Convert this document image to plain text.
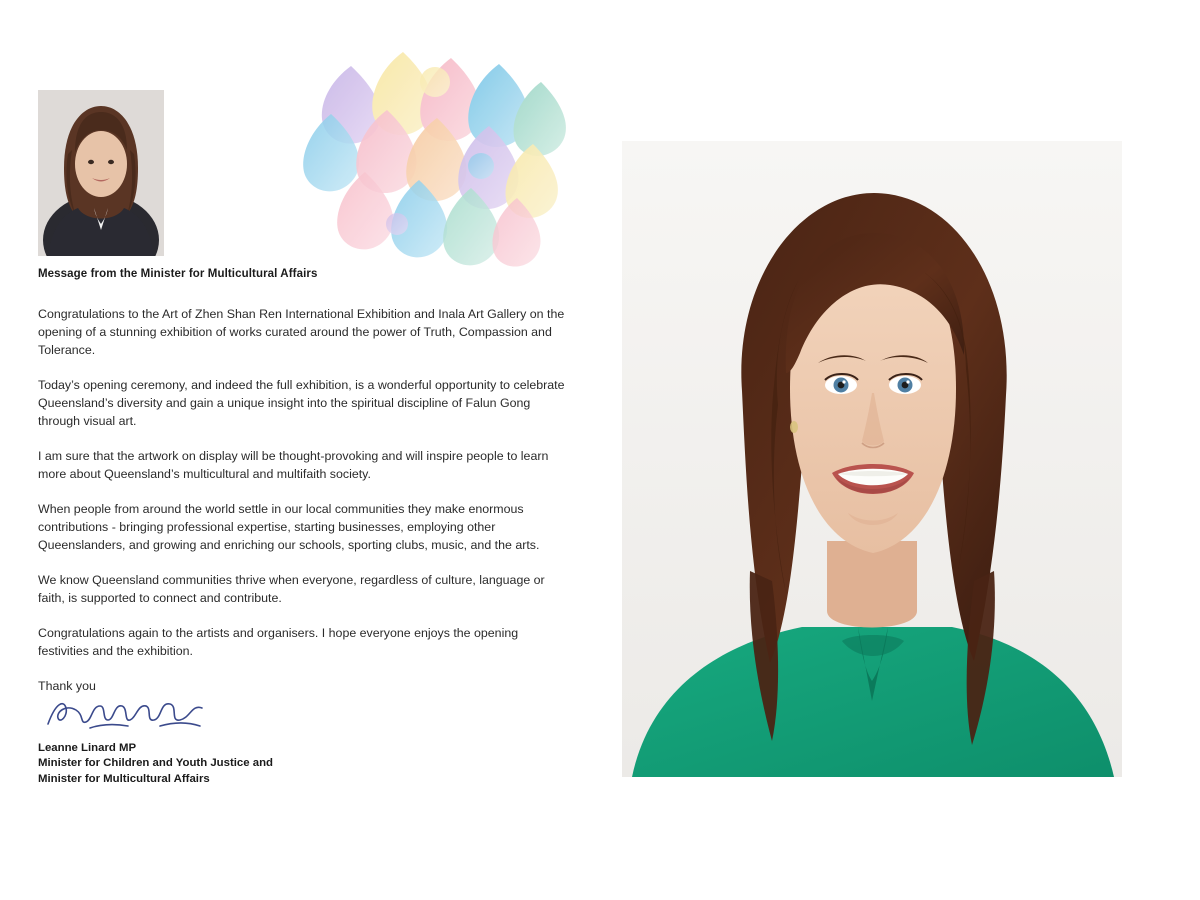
Message from the Minister for Multicultural Affairs

Congratulations to the Art of Zhen Shan Ren International Exhibition and Inala Art Gallery on the opening of a stunning exhibition of works curated around the power of Truth, Compassion and Tolerance.

Today’s opening ceremony, and indeed the full exhibition, is a wonderful opportunity to celebrate Queensland’s diversity and gain a unique insight into the spiritual discipline of Falun Gong through visual art.

I am sure that the artwork on display will be thought-provoking and will inspire people to learn more about Queensland’s multicultural and multifaith society.

When people from around the world settle in our local communities they make enormous contributions - bringing professional expertise, starting businesses, employing other Queenslanders, and growing and enriching our schools, sporting clubs, music, and the arts.

We know Queensland communities thrive when everyone, regardless of culture, language or faith, is supported to connect and contribute.

Congratulations again to the artists and organisers. I hope everyone enjoys the opening festivities and the exhibition.

Thank you

Leanne Linard MP
Minister for Children and Youth Justice and
Minister for Multicultural Affairs
